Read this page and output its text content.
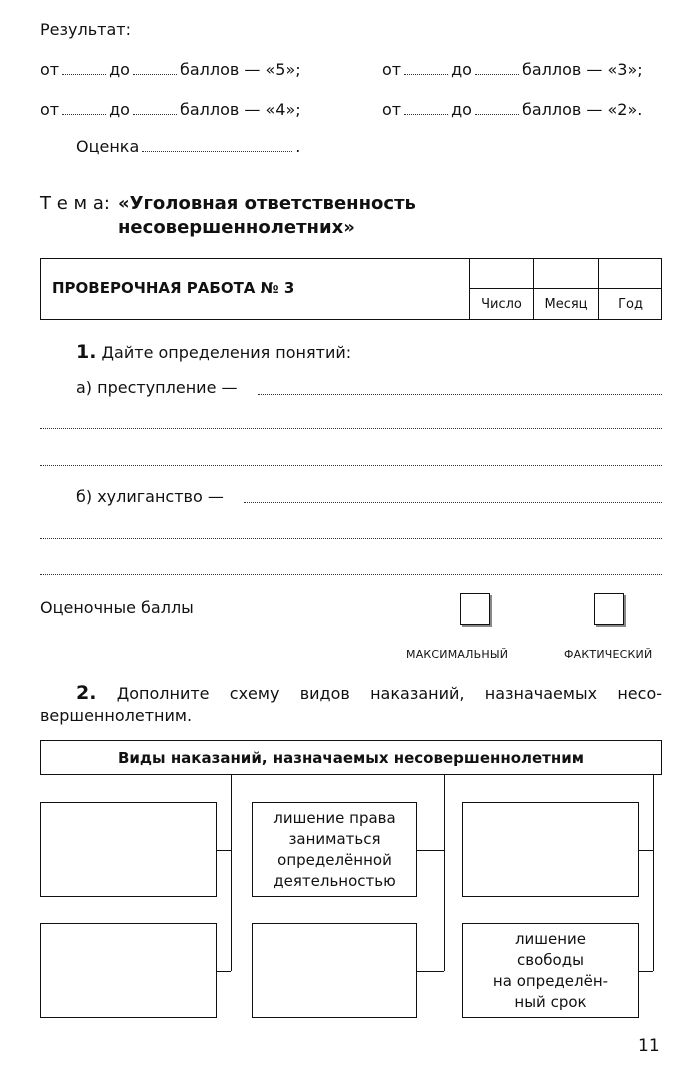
Результат:
от	до	баллов — «5»;	от	до	баллов — «3»;
от	до	баллов — «4»;	от	до	баллов — «2».
Оценка	.
Т е м а: «Уголовная ответственность
несовершеннолетних»
ПРОВЕРОЧНАЯ РАБОТА № 3
Число	Месяц	Год
1. Дайте определения понятий:
а) преступление —
б) хулиганство —
Оценочные баллы
МАКСИМАЛЬНЫЙ	ФАКТИЧЕСКИЙ
2. Дополните схему видов наказаний, назначаемых несо-
вершеннолетним.
Виды наказаний, назначаемых несовершеннолетним
лишение права
заниматься
определённой
деятельностью
лишение
свободы
на определён-
ный срок
11
